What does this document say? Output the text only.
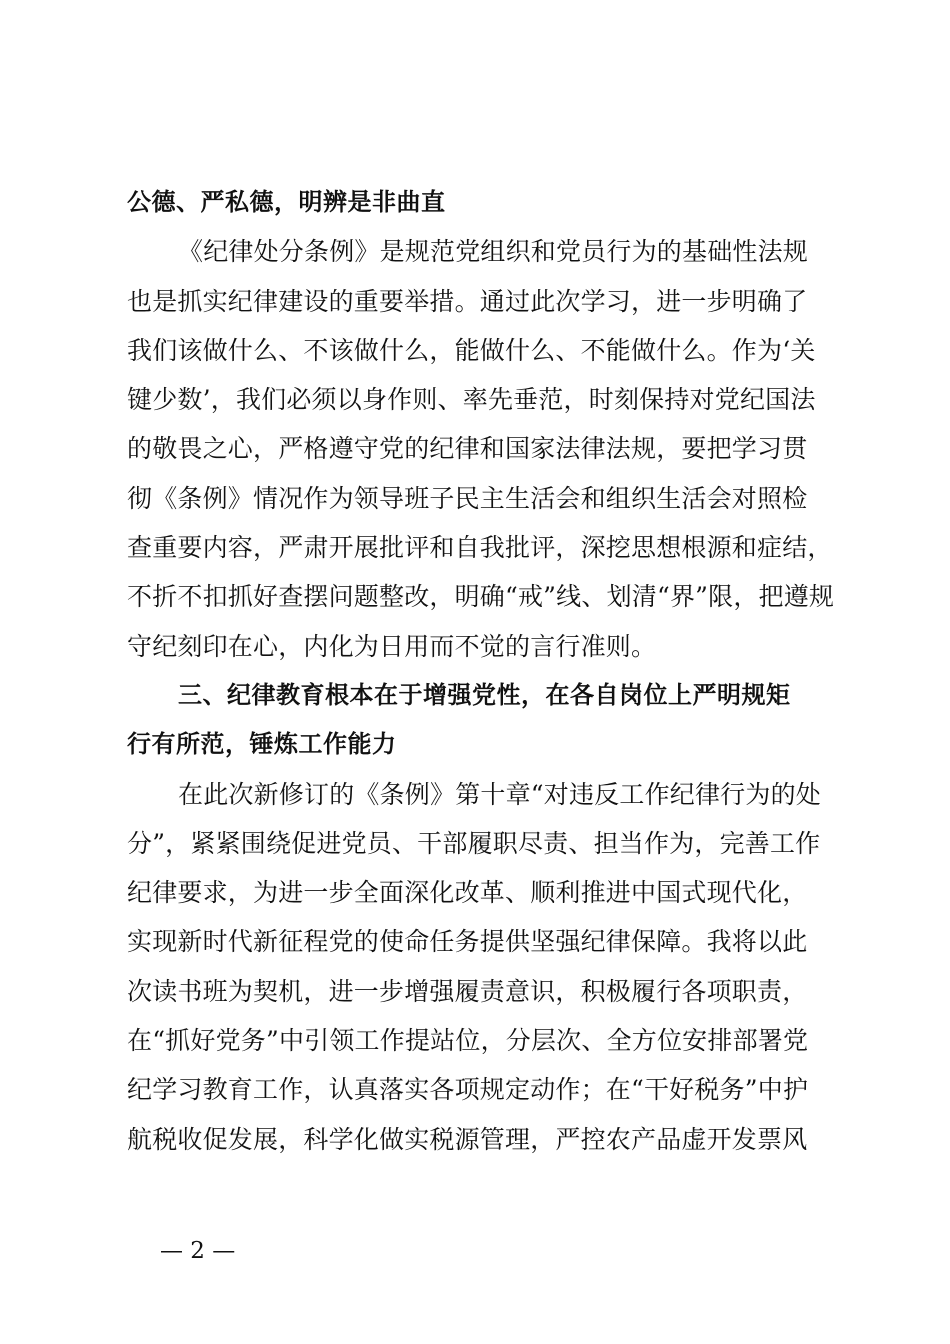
公德、严私德，明辨是非曲直
《纪律处分条例》是规范党组织和党员行为的基础性法规
也是抓实纪律建设的重要举措。通过此次学习，进一步明确了
我们该做什么、不该做什么，能做什么、不能做什么。作为‘关
键少数’，我们必须以身作则、率先垂范，时刻保持对党纪国法
的敬畏之心，严格遵守党的纪律和国家法律法规，要把学习贯
彻《条例》情况作为领导班子民主生活会和组织生活会对照检
查重要内容，严肃开展批评和自我批评，深挖思想根源和症结，
不折不扣抓好查摆问题整改，明确“戒”线、划清“界”限，把遵规
守纪刻印在心，内化为日用而不觉的言行准则。
三、纪律教育根本在于增强党性，在各自岗位上严明规矩
行有所范，锤炼工作能力
在此次新修订的《条例》第十章“对违反工作纪律行为的处
分”，紧紧围绕促进党员、干部履职尽责、担当作为，完善工作
纪律要求，为进一步全面深化改革、顺利推进中国式现代化，
实现新时代新征程党的使命任务提供坚强纪律保障。我将以此
次读书班为契机，进一步增强履责意识，积极履行各项职责，
在“抓好党务”中引领工作提站位，分层次、全方位安排部署党
纪学习教育工作，认真落实各项规定动作；在“干好税务”中护
航税收促发展，科学化做实税源管理，严控农产品虚开发票风
— 2 —
